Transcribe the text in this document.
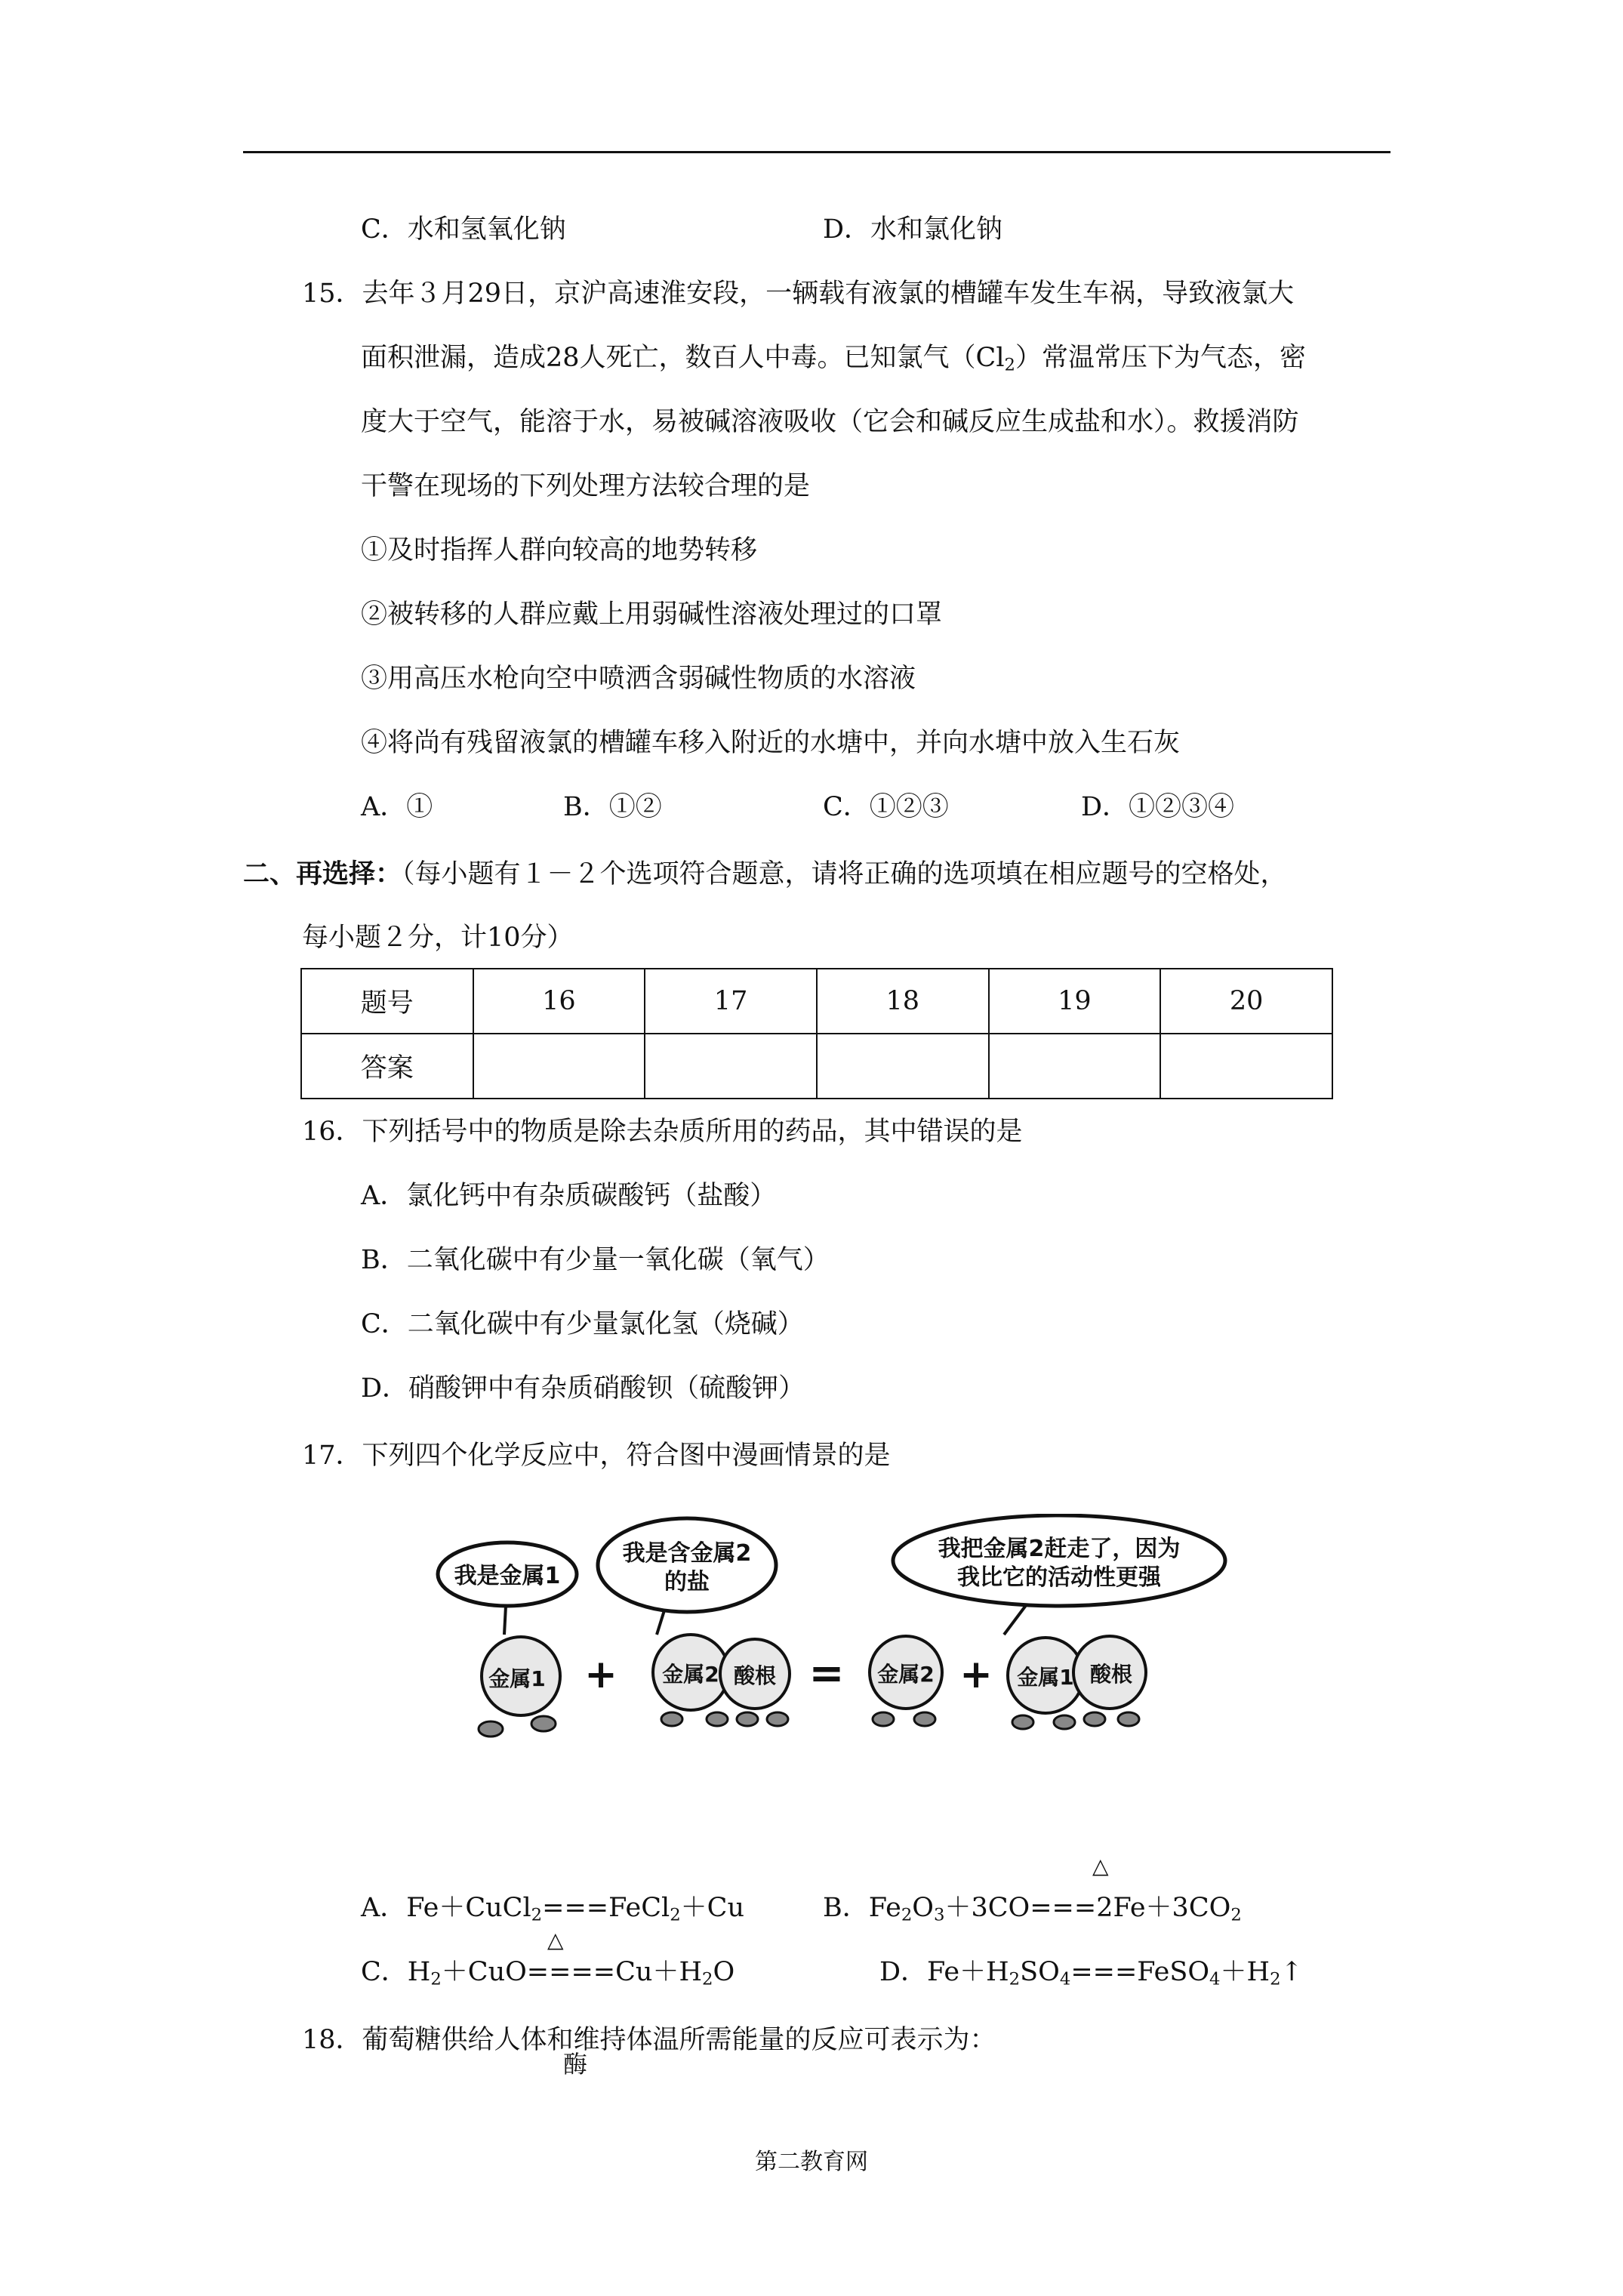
C．水和氢氧化钠	D．水和氯化钠
15．去年３月29日，京沪高速淮安段，一辆载有液氯的槽罐车发生车祸，导致液氯大
面积泄漏，造成28人死亡，数百人中毒。已知氯气$(Cl_2)$常温常压下为气态，密
度大于空气，能溶于水，易被碱溶液吸收（它会和碱反应生成盐和水）。救援消防
干警在现场的下列处理方法较合理的是
①及时指挥人群向较高的地势转移
②被转移的人群应戴上用弱碱性溶液处理过的口罩
③用高压水枪向空中喷洒含弱碱性物质的水溶液
④将尚有残留液氯的槽罐车移入附近的水塘中，并向水塘中放入生石灰
A．①	B．①②	C．①②③	D．①②③④
二、再选择：（每小题有１－２个选项符合题意，请将正确的选项填在相应题号的空格处，
每小题２分，计10分）
题号	16	17	18	19	20
答案					
16．下列括号中的物质是除去杂质所用的药品，其中错误的是
A．氯化钙中有杂质碳酸钙（盐酸）
B．二氧化碳中有少量一氧化碳（氧气）
C．二氧化碳中有少量氯化氢（烧碱）
D．硝酸钾中有杂质硝酸钡（硫酸钾）
17．下列四个化学反应中，符合图中漫画情景的是
我是金属1
我是含金属2
的盐
我把金属2赶走了，因为
我比它的活动性更强
金属1	金属2 酸根	金属2	金属1 酸根
+	=	+
△
A．Fe＋CuCl$_2$===FeCl$_2$＋Cu	B．$Fe_2O_3+3CO===2Fe+3CO_2$
△
C．$H_2+CuO====Cu+H_2O$	D．$Fe+H_2SO_4===FeSO_4+H_2↑$
18．葡萄糖供给人体和维持体温所需能量的反应可表示为：
酶
第二教育网
